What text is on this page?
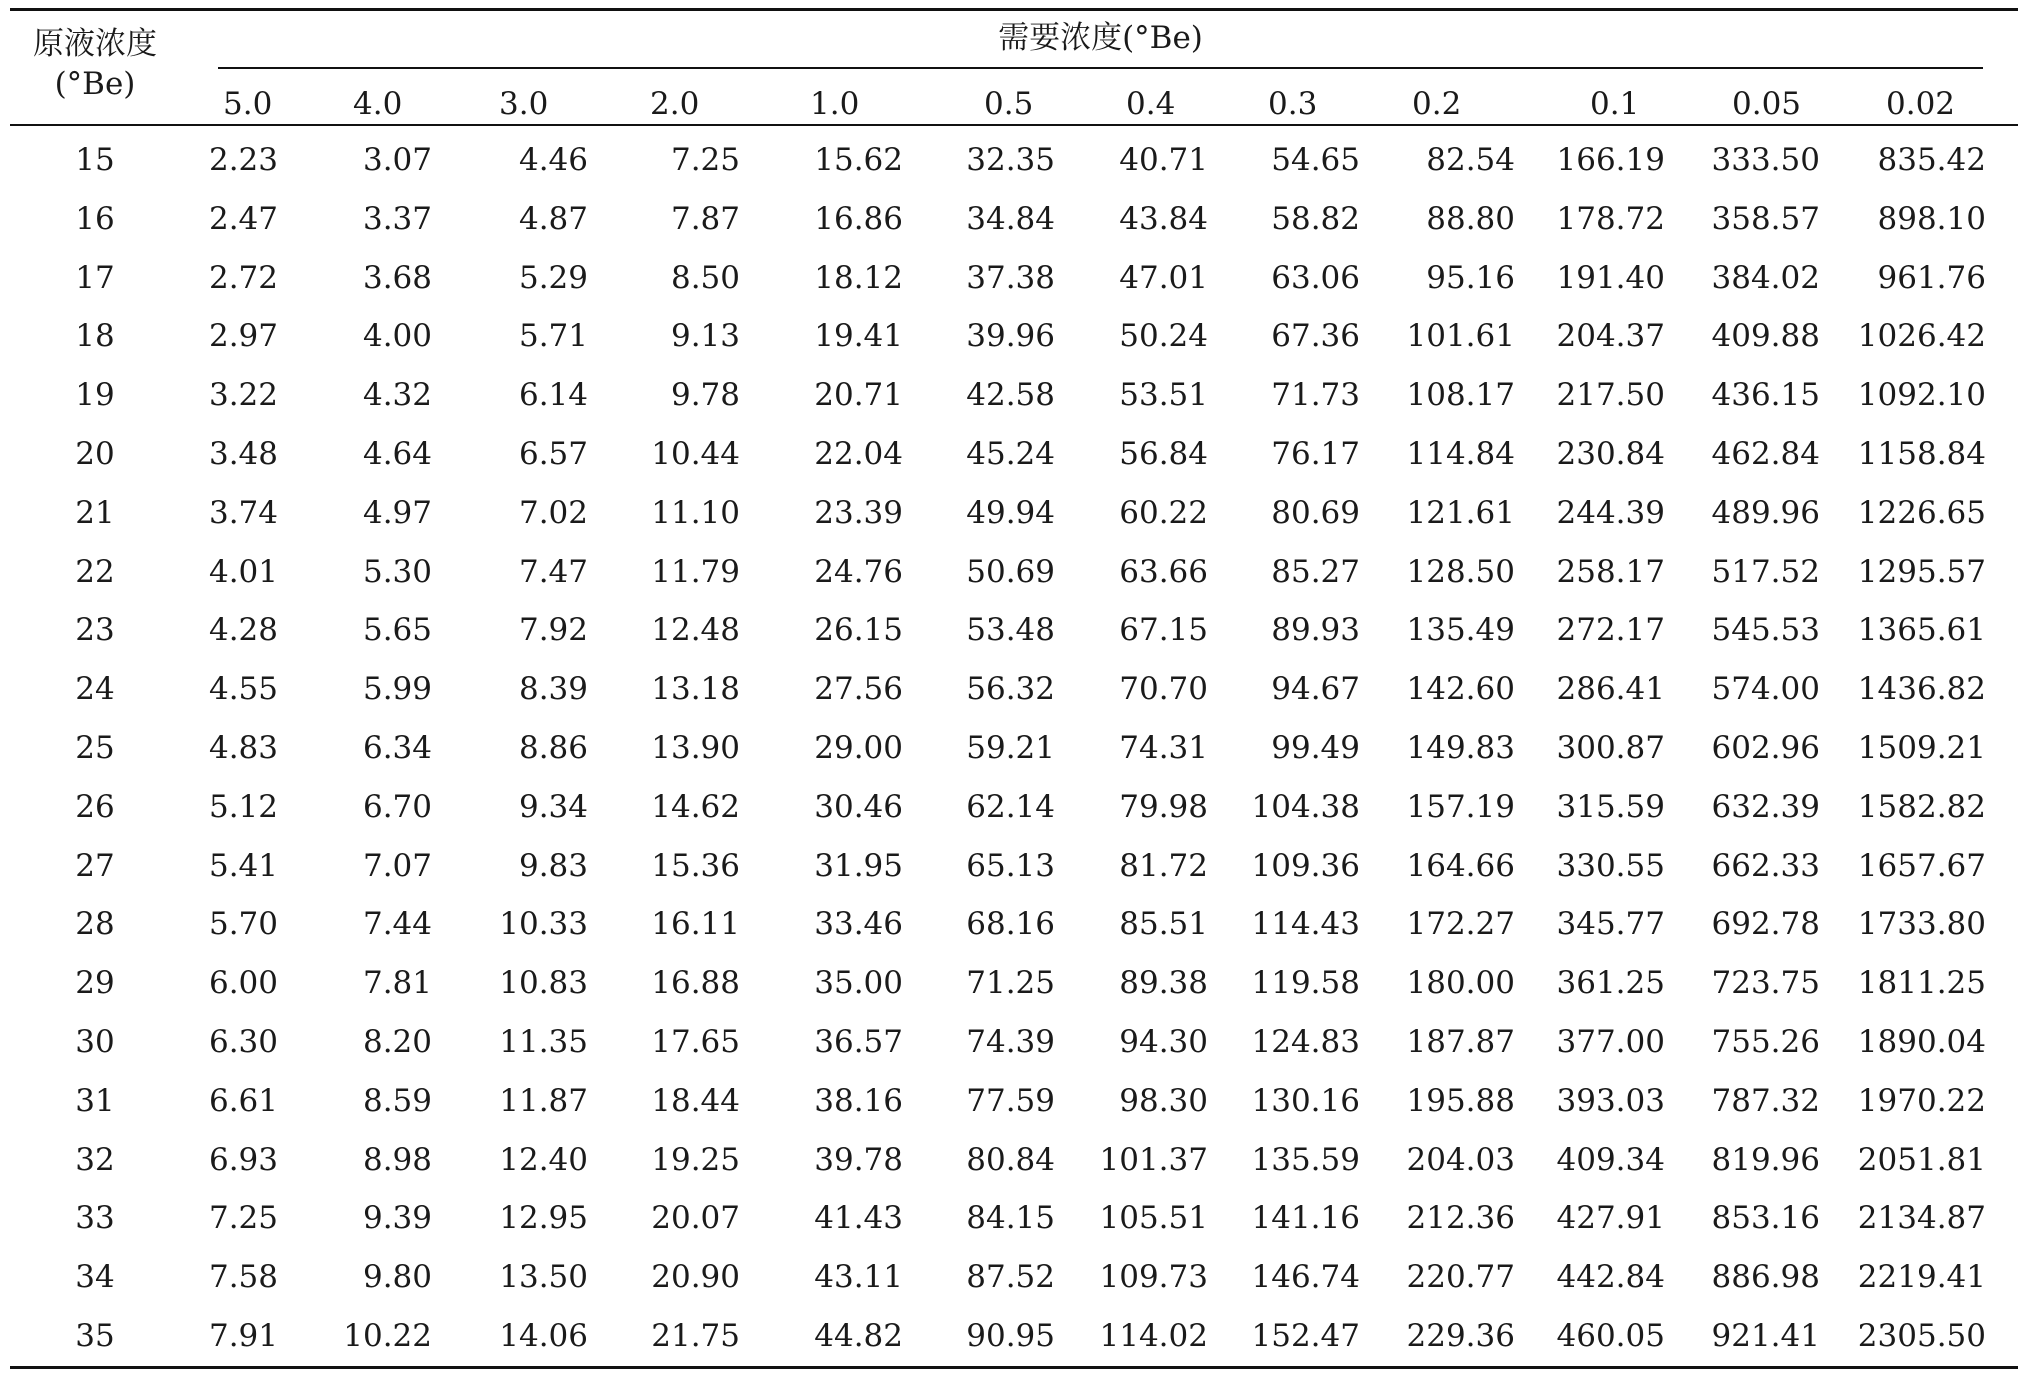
原液浓度
(°Be)
需要浓度(°Be)
5.0	4.0	3.0	2.0	1.0	0.5	0.4	0.3	0.2	0.1	0.05	0.02
15	2.23	3.07	4.46	7.25	15.62	32.35	40.71	54.65	82.54	166.19	333.50	835.42
16	2.47	3.37	4.87	7.87	16.86	34.84	43.84	58.82	88.80	178.72	358.57	898.10
17	2.72	3.68	5.29	8.50	18.12	37.38	47.01	63.06	95.16	191.40	384.02	961.76
18	2.97	4.00	5.71	9.13	19.41	39.96	50.24	67.36	101.61	204.37	409.88	1026.42
19	3.22	4.32	6.14	9.78	20.71	42.58	53.51	71.73	108.17	217.50	436.15	1092.10
20	3.48	4.64	6.57	10.44	22.04	45.24	56.84	76.17	114.84	230.84	462.84	1158.84
21	3.74	4.97	7.02	11.10	23.39	49.94	60.22	80.69	121.61	244.39	489.96	1226.65
22	4.01	5.30	7.47	11.79	24.76	50.69	63.66	85.27	128.50	258.17	517.52	1295.57
23	4.28	5.65	7.92	12.48	26.15	53.48	67.15	89.93	135.49	272.17	545.53	1365.61
24	4.55	5.99	8.39	13.18	27.56	56.32	70.70	94.67	142.60	286.41	574.00	1436.82
25	4.83	6.34	8.86	13.90	29.00	59.21	74.31	99.49	149.83	300.87	602.96	1509.21
26	5.12	6.70	9.34	14.62	30.46	62.14	79.98	104.38	157.19	315.59	632.39	1582.82
27	5.41	7.07	9.83	15.36	31.95	65.13	81.72	109.36	164.66	330.55	662.33	1657.67
28	5.70	7.44	10.33	16.11	33.46	68.16	85.51	114.43	172.27	345.77	692.78	1733.80
29	6.00	7.81	10.83	16.88	35.00	71.25	89.38	119.58	180.00	361.25	723.75	1811.25
30	6.30	8.20	11.35	17.65	36.57	74.39	94.30	124.83	187.87	377.00	755.26	1890.04
31	6.61	8.59	11.87	18.44	38.16	77.59	98.30	130.16	195.88	393.03	787.32	1970.22
32	6.93	8.98	12.40	19.25	39.78	80.84	101.37	135.59	204.03	409.34	819.96	2051.81
33	7.25	9.39	12.95	20.07	41.43	84.15	105.51	141.16	212.36	427.91	853.16	2134.87
34	7.58	9.80	13.50	20.90	43.11	87.52	109.73	146.74	220.77	442.84	886.98	2219.41
35	7.91	10.22	14.06	21.75	44.82	90.95	114.02	152.47	229.36	460.05	921.41	2305.50
